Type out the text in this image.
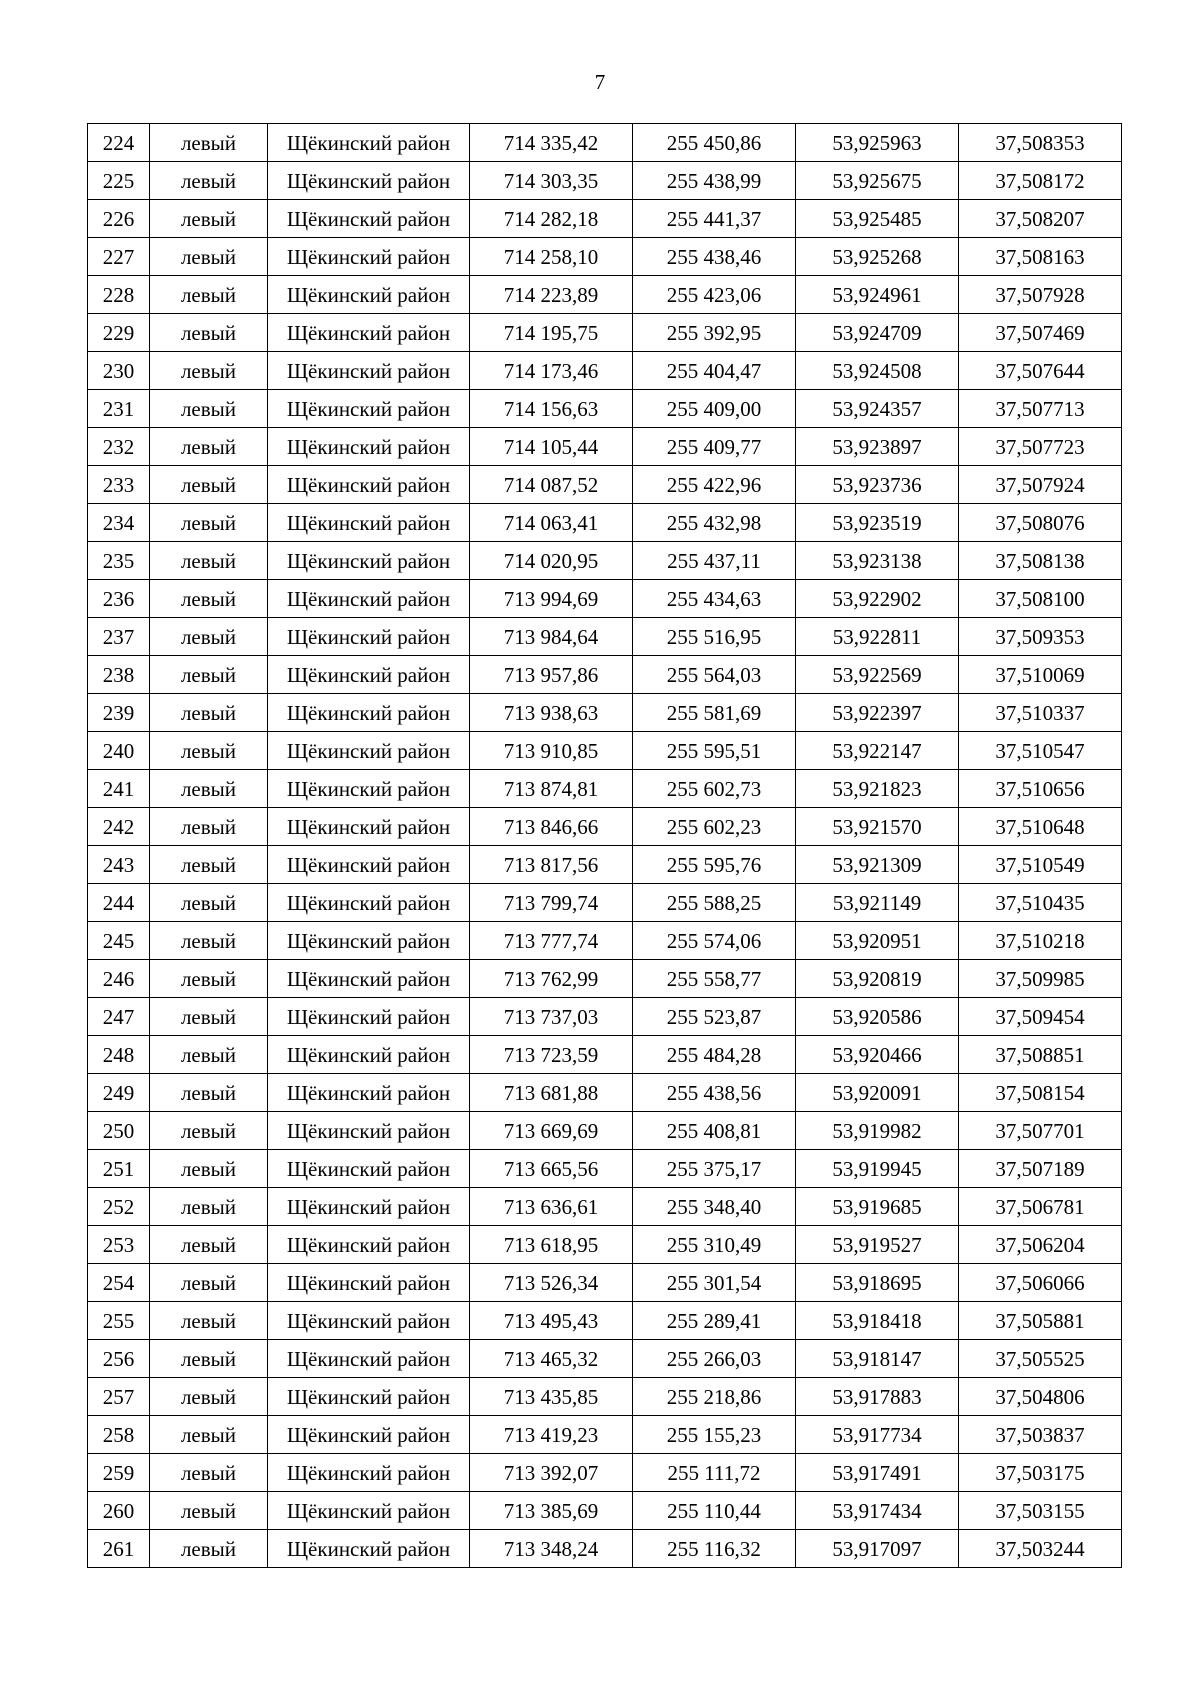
7
224	левый	Щёкинский район	714 335,42	255 450,86	53,925963	37,508353
225	левый	Щёкинский район	714 303,35	255 438,99	53,925675	37,508172
226	левый	Щёкинский район	714 282,18	255 441,37	53,925485	37,508207
227	левый	Щёкинский район	714 258,10	255 438,46	53,925268	37,508163
228	левый	Щёкинский район	714 223,89	255 423,06	53,924961	37,507928
229	левый	Щёкинский район	714 195,75	255 392,95	53,924709	37,507469
230	левый	Щёкинский район	714 173,46	255 404,47	53,924508	37,507644
231	левый	Щёкинский район	714 156,63	255 409,00	53,924357	37,507713
232	левый	Щёкинский район	714 105,44	255 409,77	53,923897	37,507723
233	левый	Щёкинский район	714 087,52	255 422,96	53,923736	37,507924
234	левый	Щёкинский район	714 063,41	255 432,98	53,923519	37,508076
235	левый	Щёкинский район	714 020,95	255 437,11	53,923138	37,508138
236	левый	Щёкинский район	713 994,69	255 434,63	53,922902	37,508100
237	левый	Щёкинский район	713 984,64	255 516,95	53,922811	37,509353
238	левый	Щёкинский район	713 957,86	255 564,03	53,922569	37,510069
239	левый	Щёкинский район	713 938,63	255 581,69	53,922397	37,510337
240	левый	Щёкинский район	713 910,85	255 595,51	53,922147	37,510547
241	левый	Щёкинский район	713 874,81	255 602,73	53,921823	37,510656
242	левый	Щёкинский район	713 846,66	255 602,23	53,921570	37,510648
243	левый	Щёкинский район	713 817,56	255 595,76	53,921309	37,510549
244	левый	Щёкинский район	713 799,74	255 588,25	53,921149	37,510435
245	левый	Щёкинский район	713 777,74	255 574,06	53,920951	37,510218
246	левый	Щёкинский район	713 762,99	255 558,77	53,920819	37,509985
247	левый	Щёкинский район	713 737,03	255 523,87	53,920586	37,509454
248	левый	Щёкинский район	713 723,59	255 484,28	53,920466	37,508851
249	левый	Щёкинский район	713 681,88	255 438,56	53,920091	37,508154
250	левый	Щёкинский район	713 669,69	255 408,81	53,919982	37,507701
251	левый	Щёкинский район	713 665,56	255 375,17	53,919945	37,507189
252	левый	Щёкинский район	713 636,61	255 348,40	53,919685	37,506781
253	левый	Щёкинский район	713 618,95	255 310,49	53,919527	37,506204
254	левый	Щёкинский район	713 526,34	255 301,54	53,918695	37,506066
255	левый	Щёкинский район	713 495,43	255 289,41	53,918418	37,505881
256	левый	Щёкинский район	713 465,32	255 266,03	53,918147	37,505525
257	левый	Щёкинский район	713 435,85	255 218,86	53,917883	37,504806
258	левый	Щёкинский район	713 419,23	255 155,23	53,917734	37,503837
259	левый	Щёкинский район	713 392,07	255 111,72	53,917491	37,503175
260	левый	Щёкинский район	713 385,69	255 110,44	53,917434	37,503155
261	левый	Щёкинский район	713 348,24	255 116,32	53,917097	37,503244
